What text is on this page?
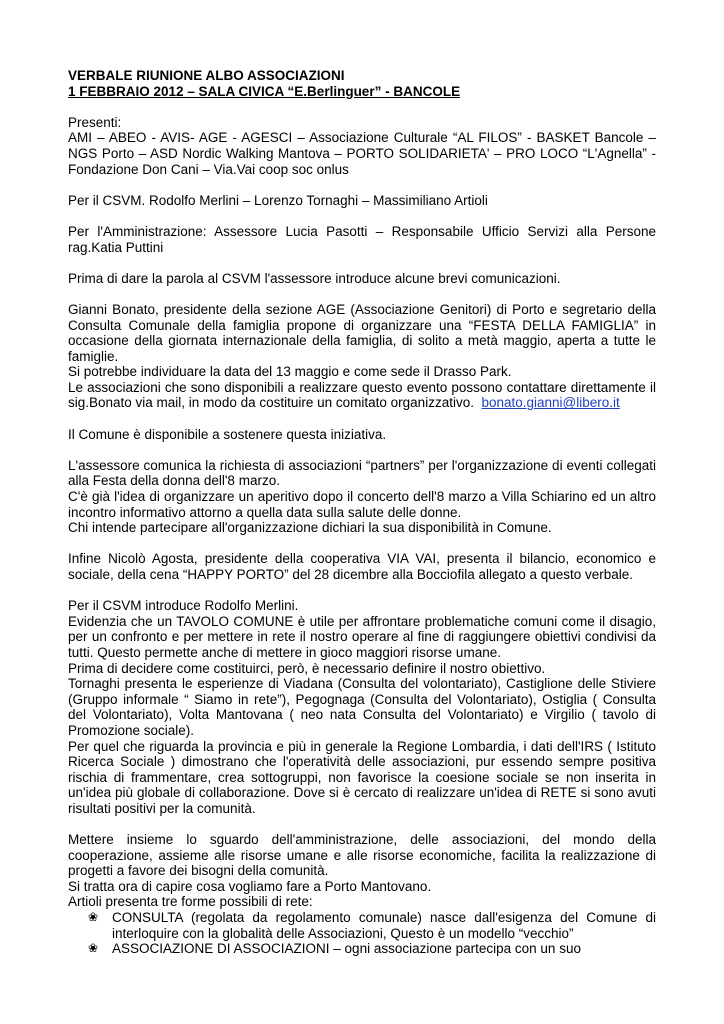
VERBALE RIUNIONE ALBO ASSOCIAZIONI

1 FEBBRAIO 2012 – SALA CIVICA “E.Berlinguer” - BANCOLE

Presenti:

AMI – ABEO - AVIS- AGE - AGESCI – Associazione Culturale “AL FILOS” - BASKET Bancole – NGS Porto – ASD Nordic Walking Mantova – PORTO SOLIDARIETA' – PRO LOCO “L'Agnella” - Fondazione Don Cani – Via.Vai coop soc onlus

Per il CSVM. Rodolfo Merlini – Lorenzo Tornaghi – Massimiliano Artioli

Per l'Amministrazione: Assessore Lucia Pasotti – Responsabile Ufficio Servizi alla Persone rag.Katia Puttini

Prima di dare la parola al CSVM l'assessore introduce alcune brevi comunicazioni.

Gianni Bonato, presidente della sezione AGE (Associazione Genitori) di Porto e segretario della Consulta Comunale della famiglia propone di organizzare una “FESTA DELLA FAMIGLIA” in occasione della giornata internazionale della famiglia, di solito a metà maggio, aperta a tutte le famiglie.

Si potrebbe individuare la data del 13 maggio e come sede il Drasso Park.

Le associazioni che sono disponibili a realizzare questo evento possono contattare direttamente il sig.Bonato via mail, in modo da costituire un comitato organizzativo. bonato.gianni@libero.it

Il Comune è disponibile a sostenere questa iniziativa.

L'assessore comunica la richiesta di associazioni “partners” per l'organizzazione di eventi collegati alla Festa della donna dell'8 marzo.

C'è già l'idea di organizzare un aperitivo dopo il concerto dell'8 marzo a Villa Schiarino ed un altro incontro informativo attorno a quella data sulla salute delle donne.

Chi intende partecipare all'organizzazione dichiari la sua disponibilità in Comune.

Infine Nicolò Agosta, presidente della cooperativa VIA VAI, presenta il bilancio, economico e sociale, della cena “HAPPY PORTO” del 28 dicembre alla Bocciofila allegato a questo verbale.

Per il CSVM introduce Rodolfo Merlini.

Evidenzia che un TAVOLO COMUNE è utile per affrontare problematiche comuni come il disagio, per un confronto e per mettere in rete il nostro operare al fine di raggiungere obiettivi condivisi da tutti. Questo permette anche di mettere in gioco maggiori risorse umane.

Prima di decidere come costituirci, però, è necessario definire il nostro obiettivo.

Tornaghi presenta le esperienze di Viadana (Consulta del volontariato), Castiglione delle Stiviere (Gruppo informale “ Siamo in rete”), Pegognaga (Consulta del Volontariato), Ostiglia ( Consulta del Volontariato), Volta Mantovana ( neo nata Consulta del Volontariato) e Virgilio ( tavolo di Promozione sociale).

Per quel che riguarda la provincia e più in generale la Regione Lombardia, i dati dell'IRS ( Istituto Ricerca Sociale ) dimostrano che l'operatività delle associazioni, pur essendo sempre positiva rischia di frammentare, crea sottogruppi, non favorisce la coesione sociale se non inserita in un'idea più globale di collaborazione. Dove si è cercato di realizzare un'idea di RETE si sono avuti risultati positivi per la comunità.

Mettere insieme lo sguardo dell'amministrazione, delle associazioni, del mondo della cooperazione, assieme alle risorse umane e alle risorse economiche, facilita la realizzazione di progetti a favore dei bisogni della comunità.

Si tratta ora di capire cosa vogliamo fare a Porto Mantovano.

Artioli presenta tre forme possibili di rete:

❀ CONSULTA (regolata da regolamento comunale) nasce dall'esigenza del Comune di interloquire con la globalità delle Associazioni, Questo è un modello “vecchio”
❀ ASSOCIAZIONE DI ASSOCIAZIONI – ogni associazione partecipa con un suo
